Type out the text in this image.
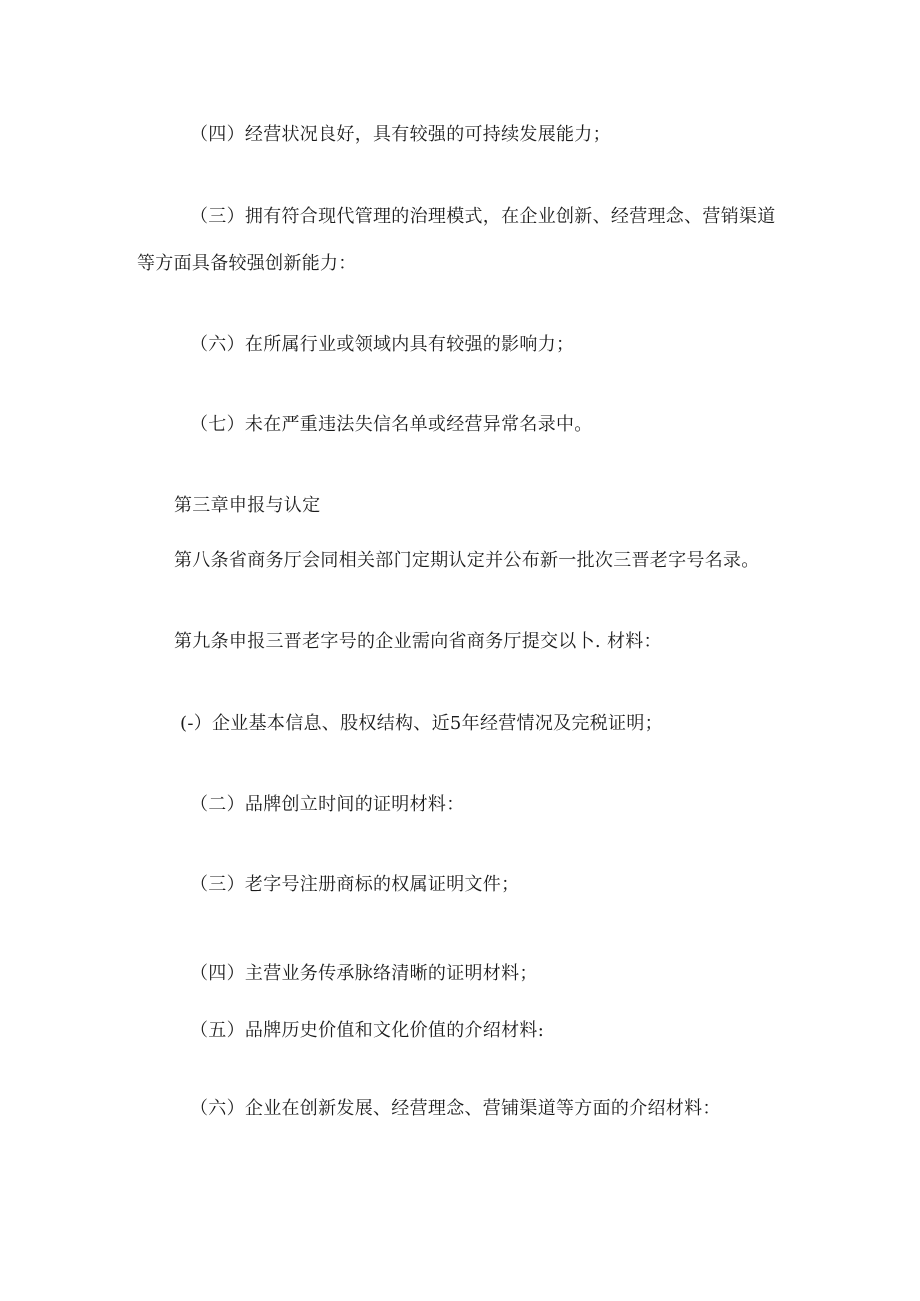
（四）经营状况良好，具有较强的可持续发展能力；
（三）拥有符合现代管理的治理模式，在企业创新、经营理念、营销渠道
等方面具备较强创新能力：
（六）在所属行业或领域内具有较强的影响力；
（七）未在严重违法失信名单或经营异常名录中。
第三章申报与认定
第八条省商务厅会同相关部门定期认定并公布新一批次三晋老字号名录。
第九条申报三晋老字号的企业需向省商务厅提交以卜. 材料：
(-）企业基本信息、股权结构、近5年经营情况及完税证明；
（二）品牌创立时间的证明材料：
（三）老字号注册商标的权属证明文件；
（四）主营业务传承脉络清晰的证明材料；
（五）品牌历史价值和文化价值的介绍材料:
（六）企业在创新发展、经营理念、营铺渠道等方面的介绍材料：
